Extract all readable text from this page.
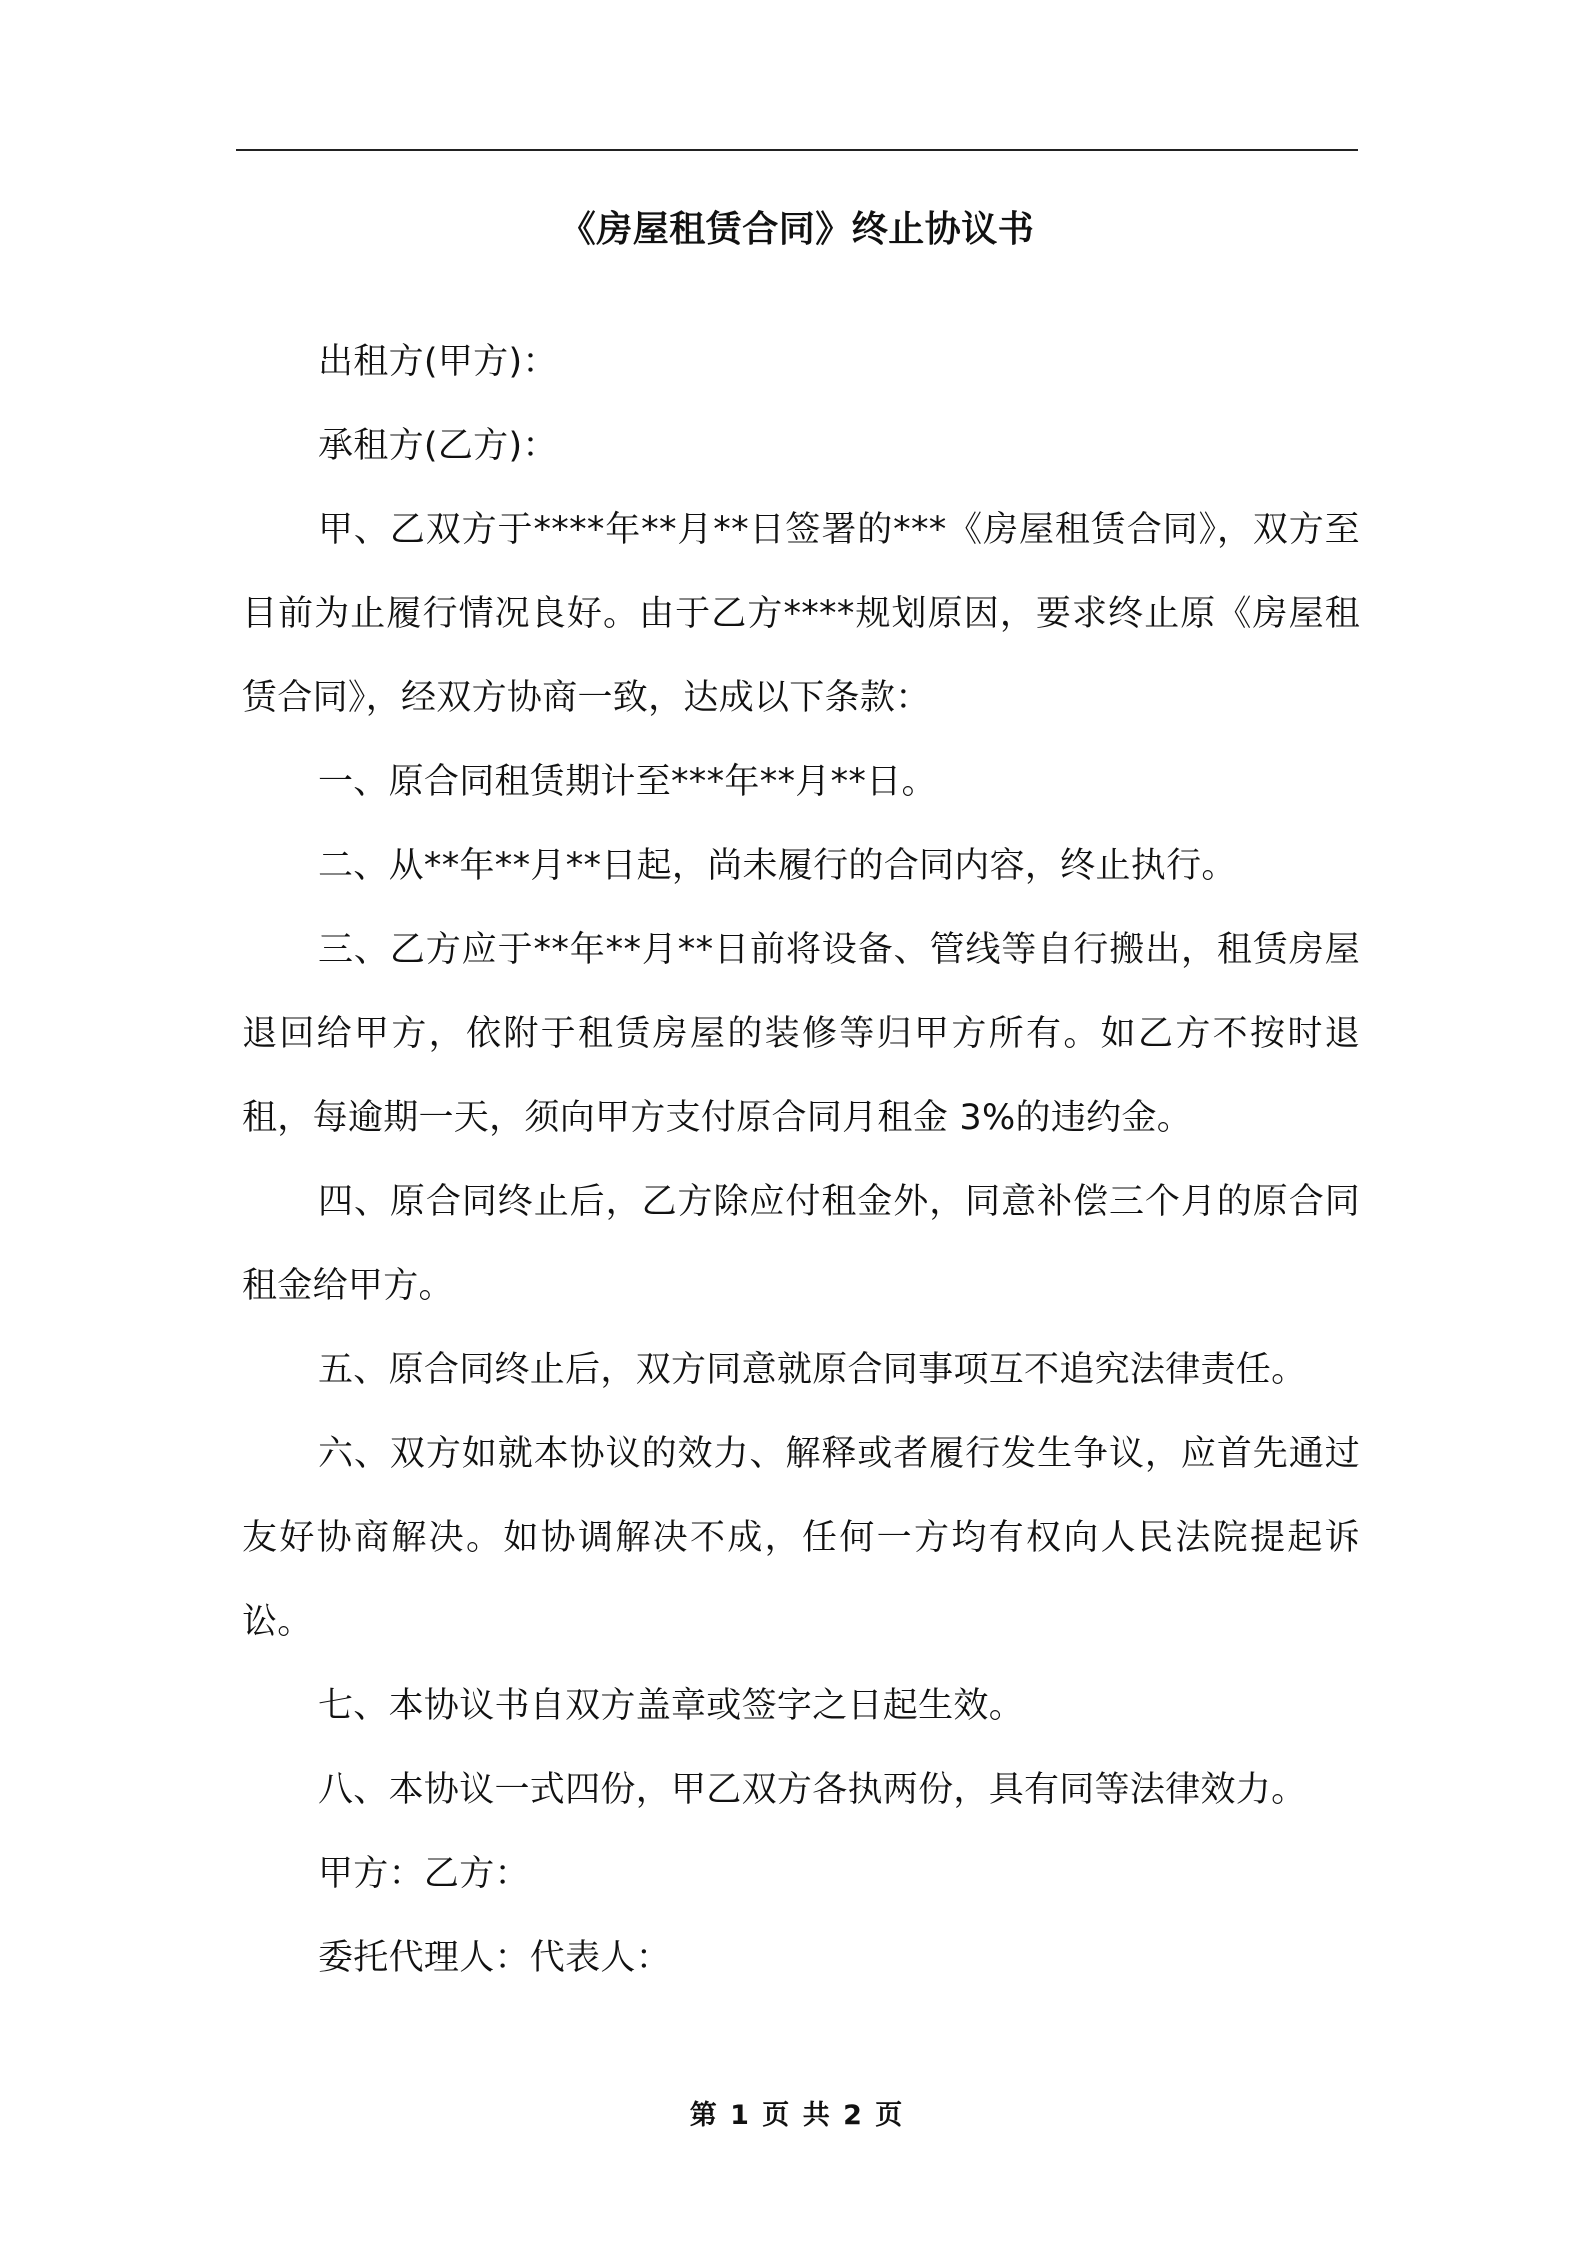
《房屋租赁合同》终止协议书

出租方(甲方)：

承租方(乙方)：

甲、乙双方于****年**月**日签署的***《房屋租赁合同》，双方至目前为止履行情况良好。由于乙方****规划原因，要求终止原《房屋租赁合同》，经双方协商一致，达成以下条款：

一、原合同租赁期计至***年**月**日。

二、从**年**月**日起，尚未履行的合同内容，终止执行。

三、乙方应于**年**月**日前将设备、管线等自行搬出，租赁房屋退回给甲方，依附于租赁房屋的装修等归甲方所有。如乙方不按时退租，每逾期一天，须向甲方支付原合同月租金 3%的违约金。

四、原合同终止后，乙方除应付租金外，同意补偿三个月的原合同租金给甲方。

五、原合同终止后，双方同意就原合同事项互不追究法律责任。

六、双方如就本协议的效力、解释或者履行发生争议，应首先通过友好协商解决。如协调解决不成，任何一方均有权向人民法院提起诉讼。

七、本协议书自双方盖章或签字之日起生效。

八、本协议一式四份，甲乙双方各执两份，具有同等法律效力。

甲方：乙方：

委托代理人：代表人：

第 1 页 共 2 页
